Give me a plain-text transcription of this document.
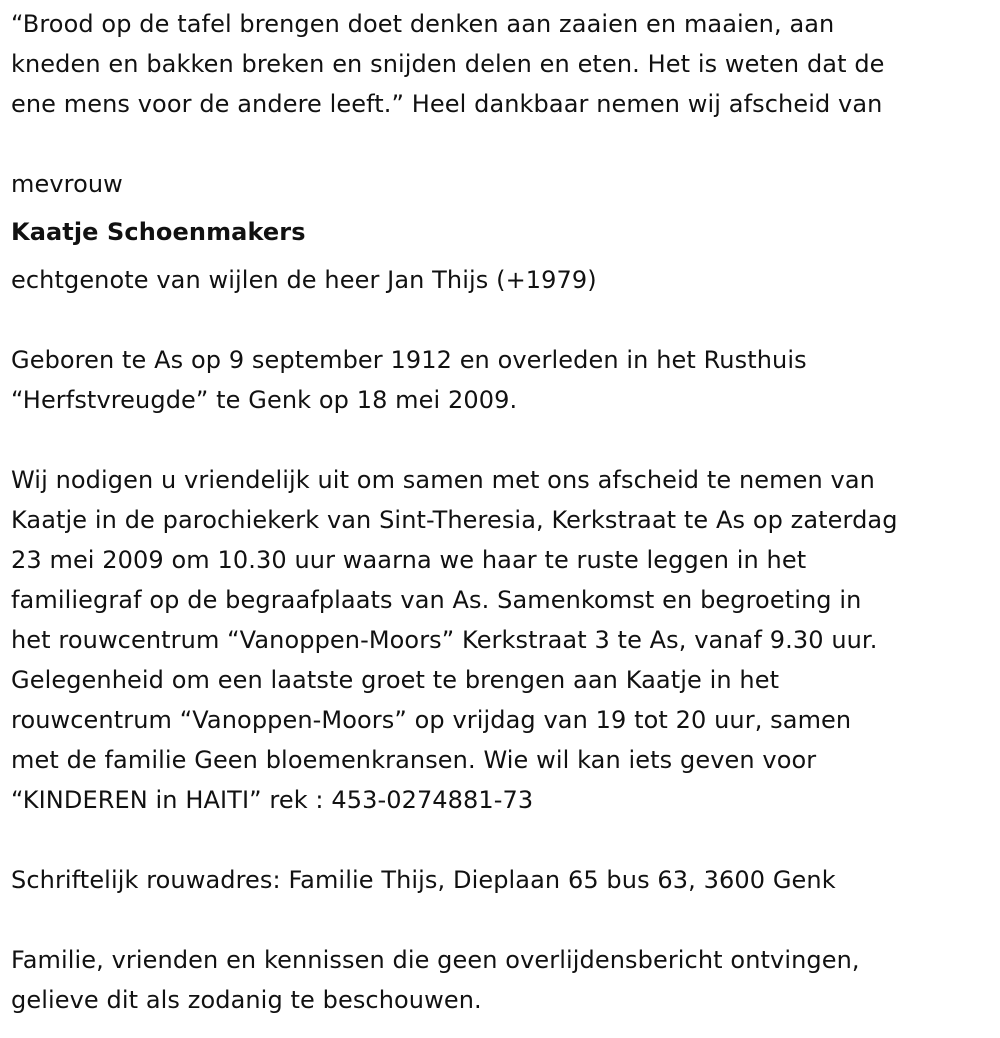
“Brood op de tafel brengen doet denken aan zaaien en maaien, aan
kneden en bakken breken en snijden delen en eten. Het is weten dat de
ene mens voor de andere leeft.” Heel dankbaar nemen wij afscheid van
mevrouw
Kaatje Schoenmakers
echtgenote van wijlen de heer Jan Thijs (+1979)
Geboren te As op 9 september 1912 en overleden in het Rusthuis
“Herfstvreugde” te Genk op 18 mei 2009.
Wij nodigen u vriendelijk uit om samen met ons afscheid te nemen van
Kaatje in de parochiekerk van Sint-Theresia, Kerkstraat te As op zaterdag
23 mei 2009 om 10.30 uur waarna we haar te ruste leggen in het
familiegraf op de begraafplaats van As. Samenkomst en begroeting in
het rouwcentrum “Vanoppen-Moors” Kerkstraat 3 te As, vanaf 9.30 uur.
Gelegenheid om een laatste groet te brengen aan Kaatje in het
rouwcentrum “Vanoppen-Moors” op vrijdag van 19 tot 20 uur, samen
met de familie Geen bloemenkransen. Wie wil kan iets geven voor
“KINDEREN in HAITI” rek : 453-0274881-73
Schriftelijk rouwadres: Familie Thijs, Dieplaan 65 bus 63, 3600 Genk
Familie, vrienden en kennissen die geen overlijdensbericht ontvingen,
gelieve dit als zodanig te beschouwen.
